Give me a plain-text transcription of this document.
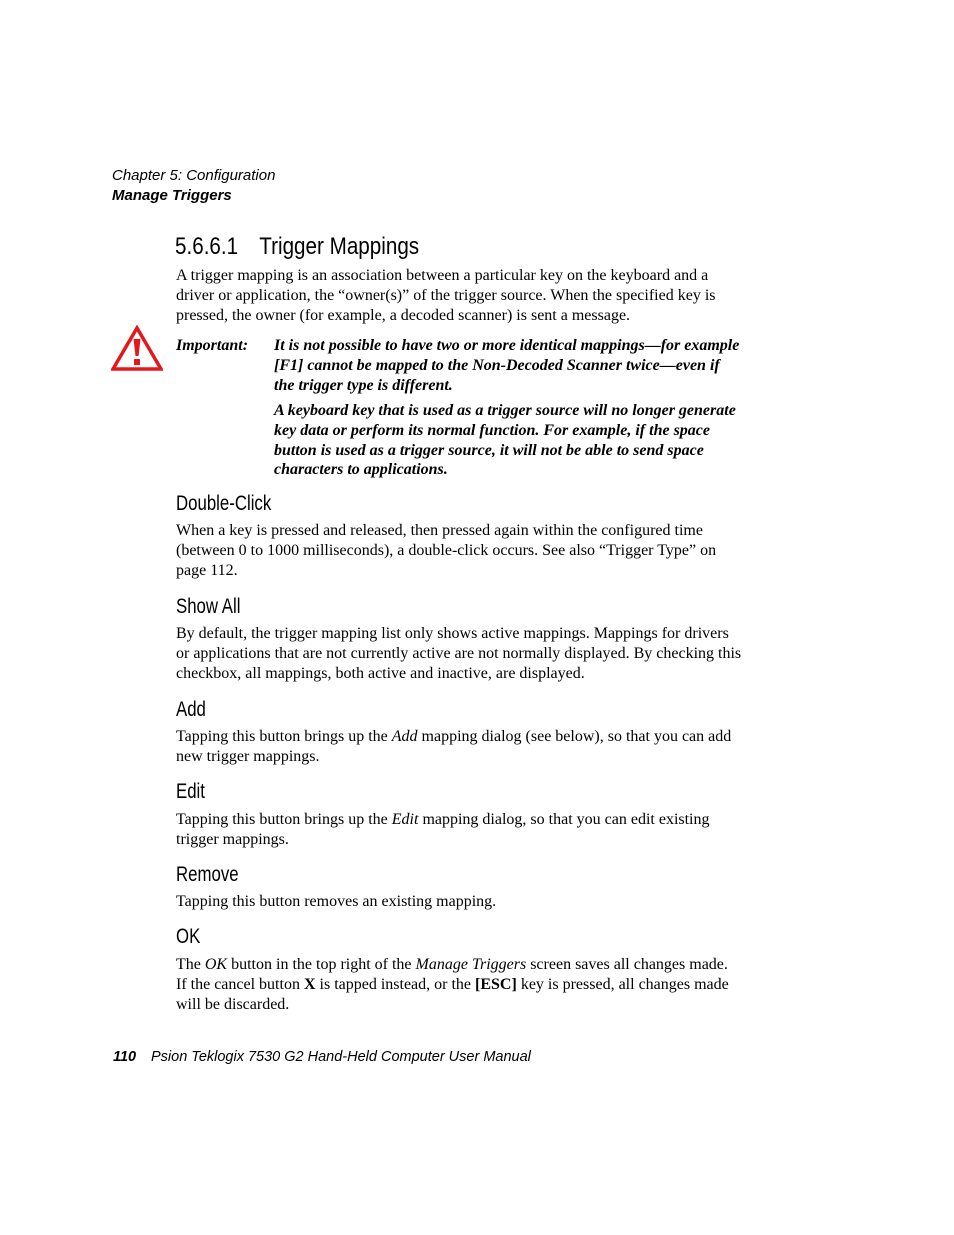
Chapter 5: Configuration
Manage Triggers
5.6.6.1 Trigger Mappings

A trigger mapping is an association between a particular key on the keyboard and a driver or application, the “owner(s)” of the trigger source. When the specified key is pressed, the owner (for example, a decoded scanner) is sent a message.

Important: It is not possible to have two or more identical mappings—for example [F1] cannot be mapped to the Non-Decoded Scanner twice—even if the trigger type is different.

A keyboard key that is used as a trigger source will no longer generate key data or perform its normal function. For example, if the space button is used as a trigger source, it will not be able to send space characters to applications.

Double-Click

When a key is pressed and released, then pressed again within the configured time (between 0 to 1000 milliseconds), a double-click occurs. See also “Trigger Type” on page 112.

Show All

By default, the trigger mapping list only shows active mappings. Mappings for drivers or applications that are not currently active are not normally displayed. By checking this checkbox, all mappings, both active and inactive, are displayed.

Add

Tapping this button brings up the Add mapping dialog (see below), so that you can add new trigger mappings.

Edit

Tapping this button brings up the Edit mapping dialog, so that you can edit existing trigger mappings.

Remove

Tapping this button removes an existing mapping.

OK

The OK button in the top right of the Manage Triggers screen saves all changes made. If the cancel button X is tapped instead, or the [ESC] key is pressed, all changes made will be discarded.

110 Psion Teklogix 7530 G2 Hand-Held Computer User Manual
